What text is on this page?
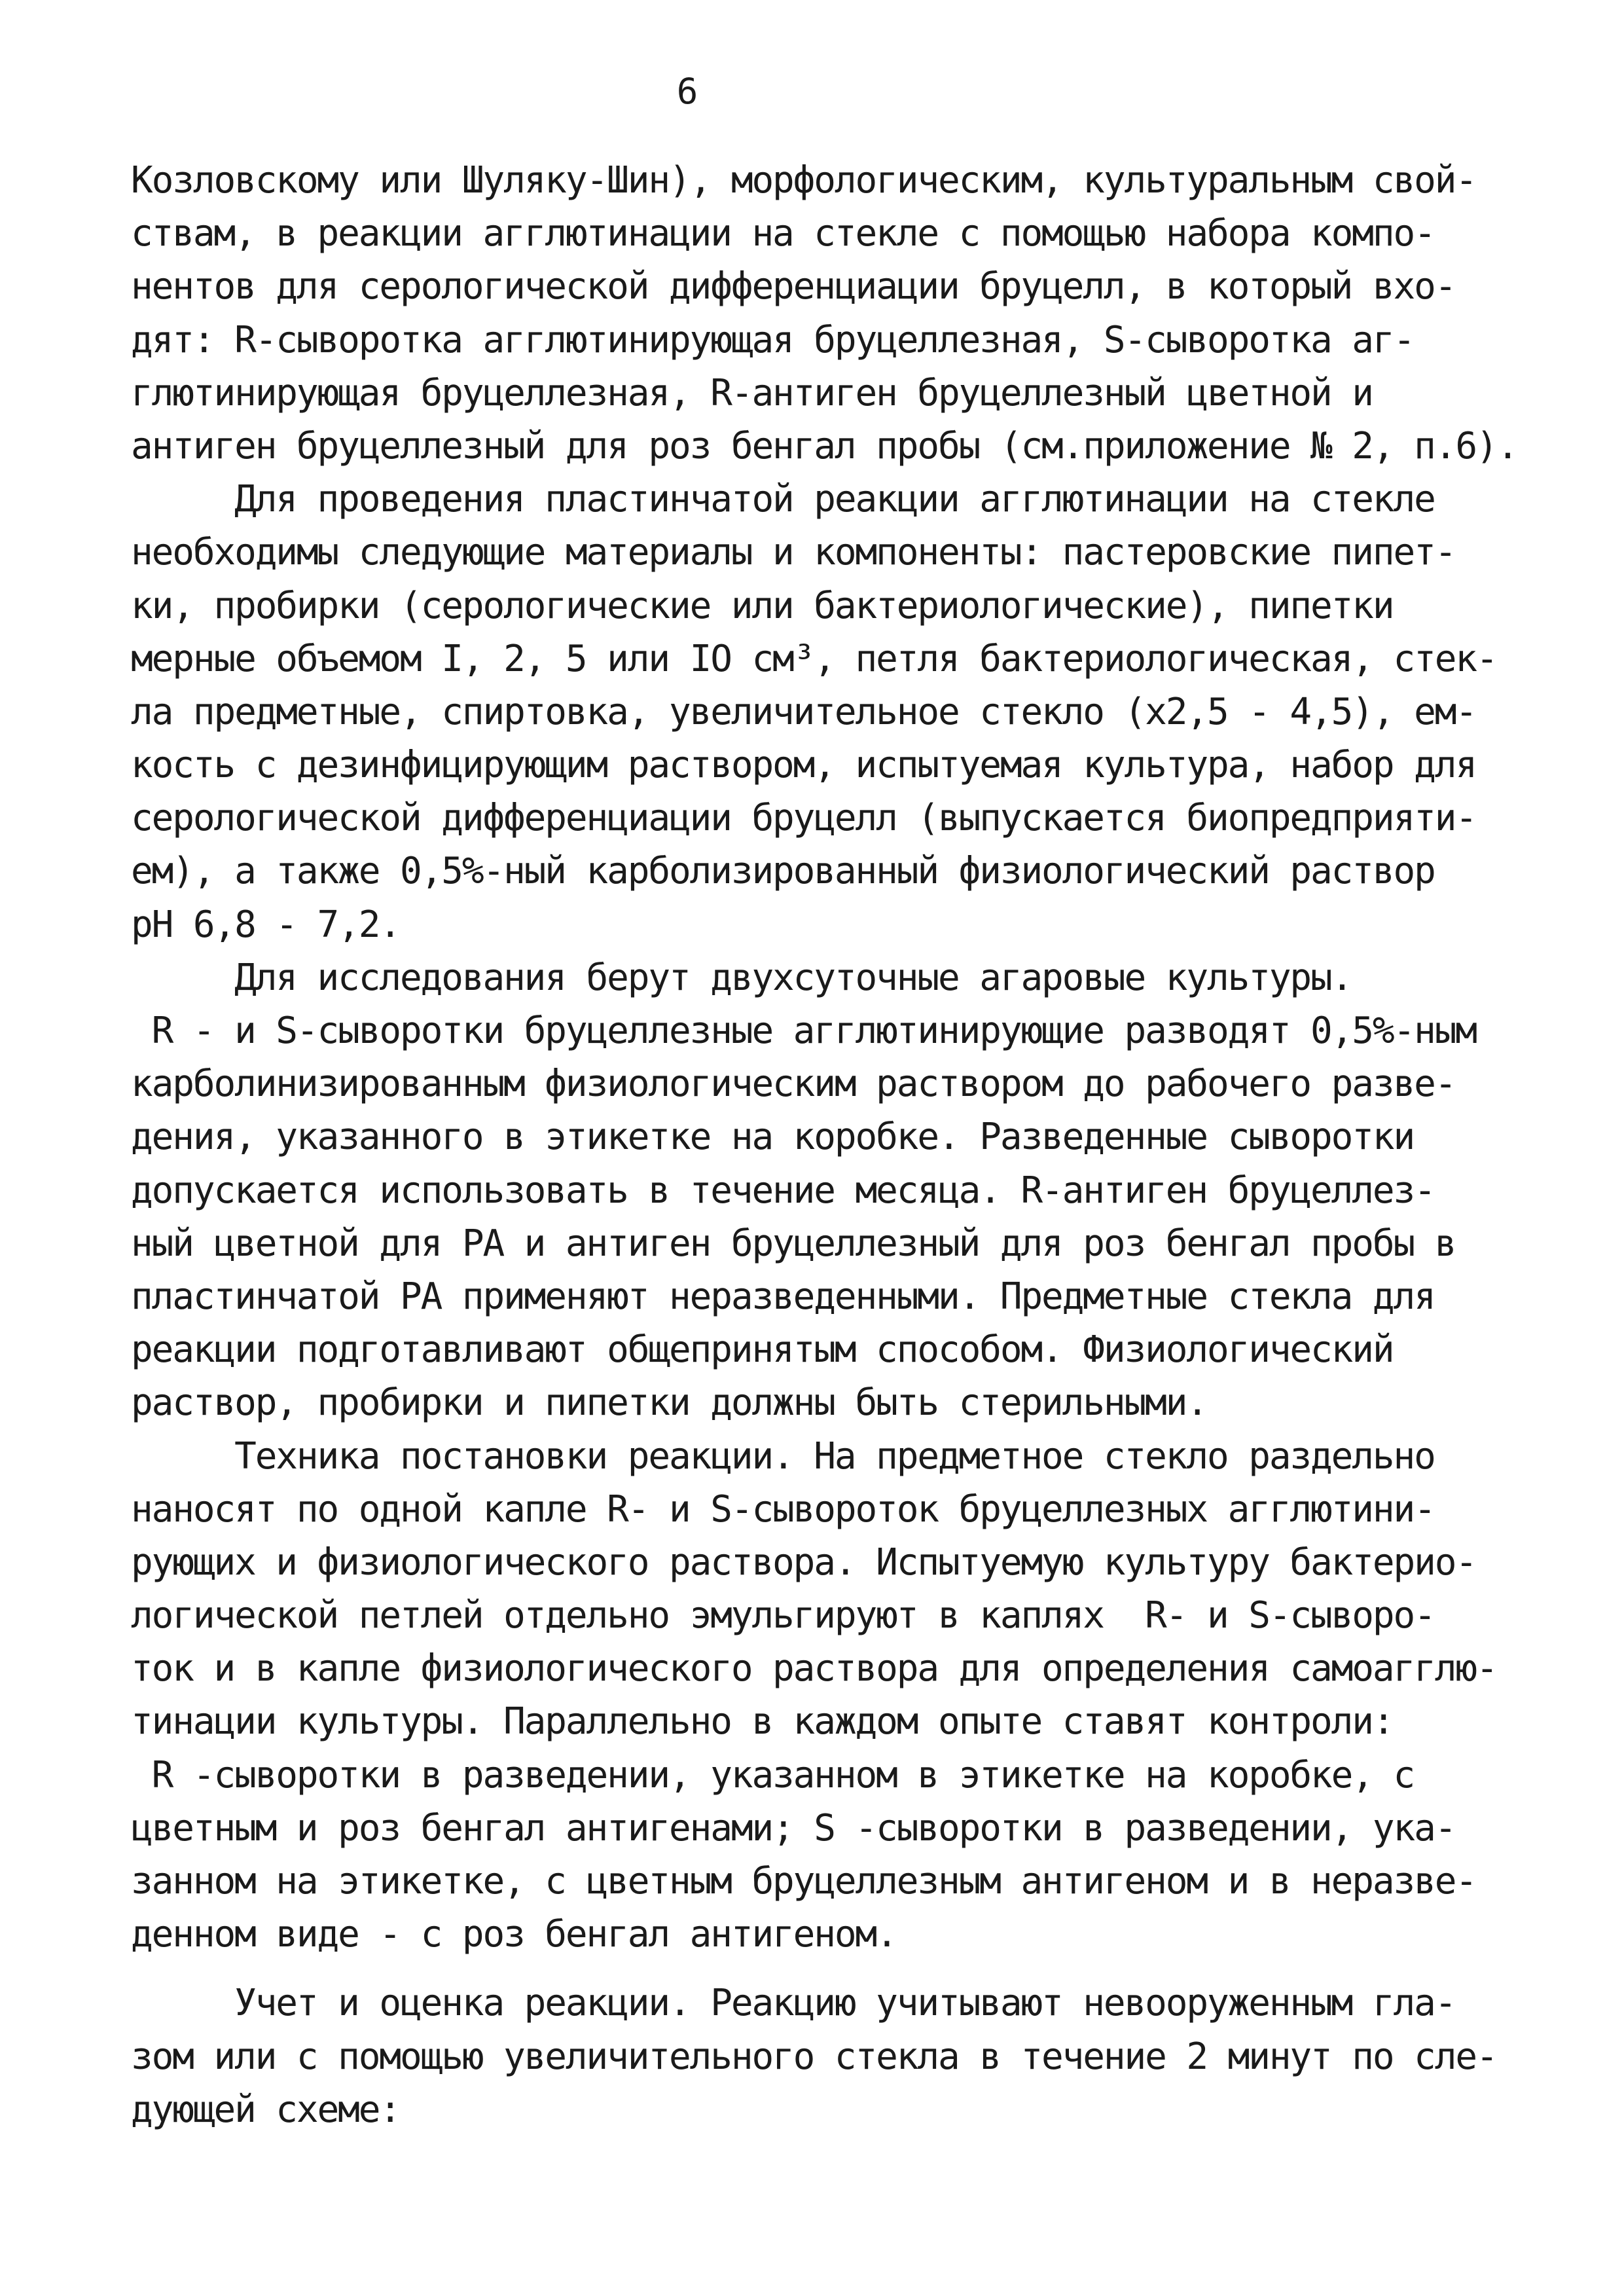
6
Козловскому или Шуляку-Шин), морфологическим, культуральным свой-
ствам, в реакции агглютинации на стекле с помощью набора компо-
нентов для серологической дифференциации бруцелл, в который вхо-
дят: R-сыворотка агглютинирующая бруцеллезная, S-сыворотка аг-
глютинирующая бруцеллезная, R-антиген бруцеллезный цветной и
антиген бруцеллезный для роз бенгал пробы (см.приложение № 2, п.6).
Для проведения пластинчатой реакции агглютинации на стекле
необходимы следующие материалы и компоненты: пастеровские пипет-
ки, пробирки (серологические или бактериологические), пипетки
мерные объемом I, 2, 5 или IO см³, петля бактериологическая, стек-
ла предметные, спиртовка, увеличительное стекло (x2,5 - 4,5), ем-
кость с дезинфицирующим раствором, испытуемая культура, набор для
серологической дифференциации бруцелл (выпускается биопредприяти-
ем), а также 0,5%-ный карболизированный физиологический раствор
pH 6,8 - 7,2.
Для исследования берут двухсуточные агаровые культуры.
R - и S-сыворотки бруцеллезные агглютинирующие разводят 0,5%-ным
карболинизированным физиологическим раствором до рабочего разве-
дения, указанного в этикетке на коробке. Разведенные сыворотки
допускается использовать в течение месяца. R-антиген бруцеллез-
ный цветной для РА и антиген бруцеллезный для роз бенгал пробы в
пластинчатой РА применяют неразведенными. Предметные стекла для
реакции подготавливают общепринятым способом. Физиологический
раствор, пробирки и пипетки должны быть стерильными.
Техника постановки реакции. На предметное стекло раздельно
наносят по одной капле R- и S-сывороток бруцеллезных агглютини-
рующих и физиологического раствора. Испытуемую культуру бактерио-
логической петлей отдельно эмульгируют в каплях  R- и S-сыворо-
ток и в капле физиологического раствора для определения самоагглю-
тинации культуры. Параллельно в каждом опыте ставят контроли:
R -сыворотки в разведении, указанном в этикетке на коробке, с
цветным и роз бенгал антигенами; S -сыворотки в разведении, ука-
занном на этикетке, с цветным бруцеллезным антигеном и в неразве-
денном виде - с роз бенгал антигеном.
Учет и оценка реакции. Реакцию учитывают невооруженным гла-
зом или с помощью увеличительного стекла в течение 2 минут по сле-
дующей схеме:
